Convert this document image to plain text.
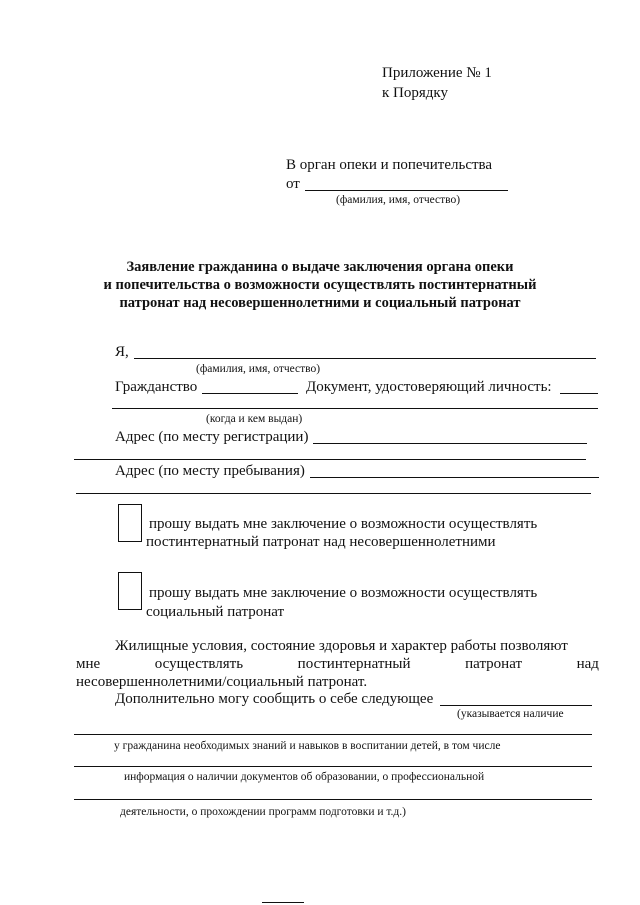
Приложение № 1
к Порядку
В орган опеки и попечительства
от
(фамилия, имя, отчество)
Заявление гражданина о выдаче заключения органа опеки
и попечительства о возможности осуществлять постинтернатный
патронат над несовершеннолетними и социальный патронат
Я,
(фамилия, имя, отчество)
Гражданство	Документ, удостоверяющий личность:
(когда и кем выдан)
Адрес (по месту регистрации)
Адрес (по месту пребывания)
прошу выдать мне заключение о возможности осуществлять
постинтернатный патронат над несовершеннолетними
прошу выдать мне заключение о возможности осуществлять
социальный патронат
Жилищные условия, состояние здоровья и характер работы позволяют
мне	осуществлять	постинтернатный	патронат	над
несовершеннолетними/социальный патронат.
Дополнительно могу сообщить о себе следующее
(указывается наличие
у гражданина необходимых знаний и навыков в воспитании детей, в том числе
информация о наличии документов об образовании, о профессиональной
деятельности, о прохождении программ подготовки и т.д.)
